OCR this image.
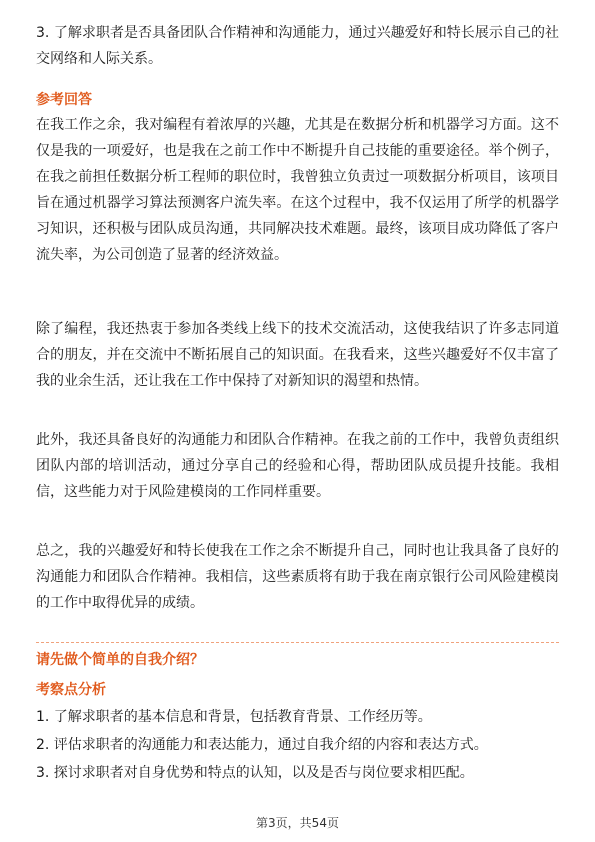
3. 了解求职者是否具备团队合作精神和沟通能力，通过兴趣爱好和特长展示自己的社交网络和人际关系。

参考回答

在我工作之余，我对编程有着浓厚的兴趣，尤其是在数据分析和机器学习方面。这不仅是我的一项爱好，也是我在之前工作中不断提升自己技能的重要途径。举个例子，在我之前担任数据分析工程师的职位时，我曾独立负责过一项数据分析项目，该项目旨在通过机器学习算法预测客户流失率。在这个过程中，我不仅运用了所学的机器学习知识，还积极与团队成员沟通，共同解决技术难题。最终，该项目成功降低了客户流失率，为公司创造了显著的经济效益。

除了编程，我还热衷于参加各类线上线下的技术交流活动，这使我结识了许多志同道合的朋友，并在交流中不断拓展自己的知识面。在我看来，这些兴趣爱好不仅丰富了我的业余生活，还让我在工作中保持了对新知识的渴望和热情。

此外，我还具备良好的沟通能力和团队合作精神。在我之前的工作中，我曾负责组织团队内部的培训活动，通过分享自己的经验和心得，帮助团队成员提升技能。我相信，这些能力对于风险建模岗的工作同样重要。

总之，我的兴趣爱好和特长使我在工作之余不断提升自己，同时也让我具备了良好的沟通能力和团队合作精神。我相信，这些素质将有助于我在南京银行公司风险建模岗的工作中取得优异的成绩。

请先做个简单的自我介绍？

考察点分析

1. 了解求职者的基本信息和背景，包括教育背景、工作经历等。

2. 评估求职者的沟通能力和表达能力，通过自我介绍的内容和表达方式。

3. 探讨求职者对自身优势和特点的认知，以及是否与岗位要求相匹配。

第3页，共54页
